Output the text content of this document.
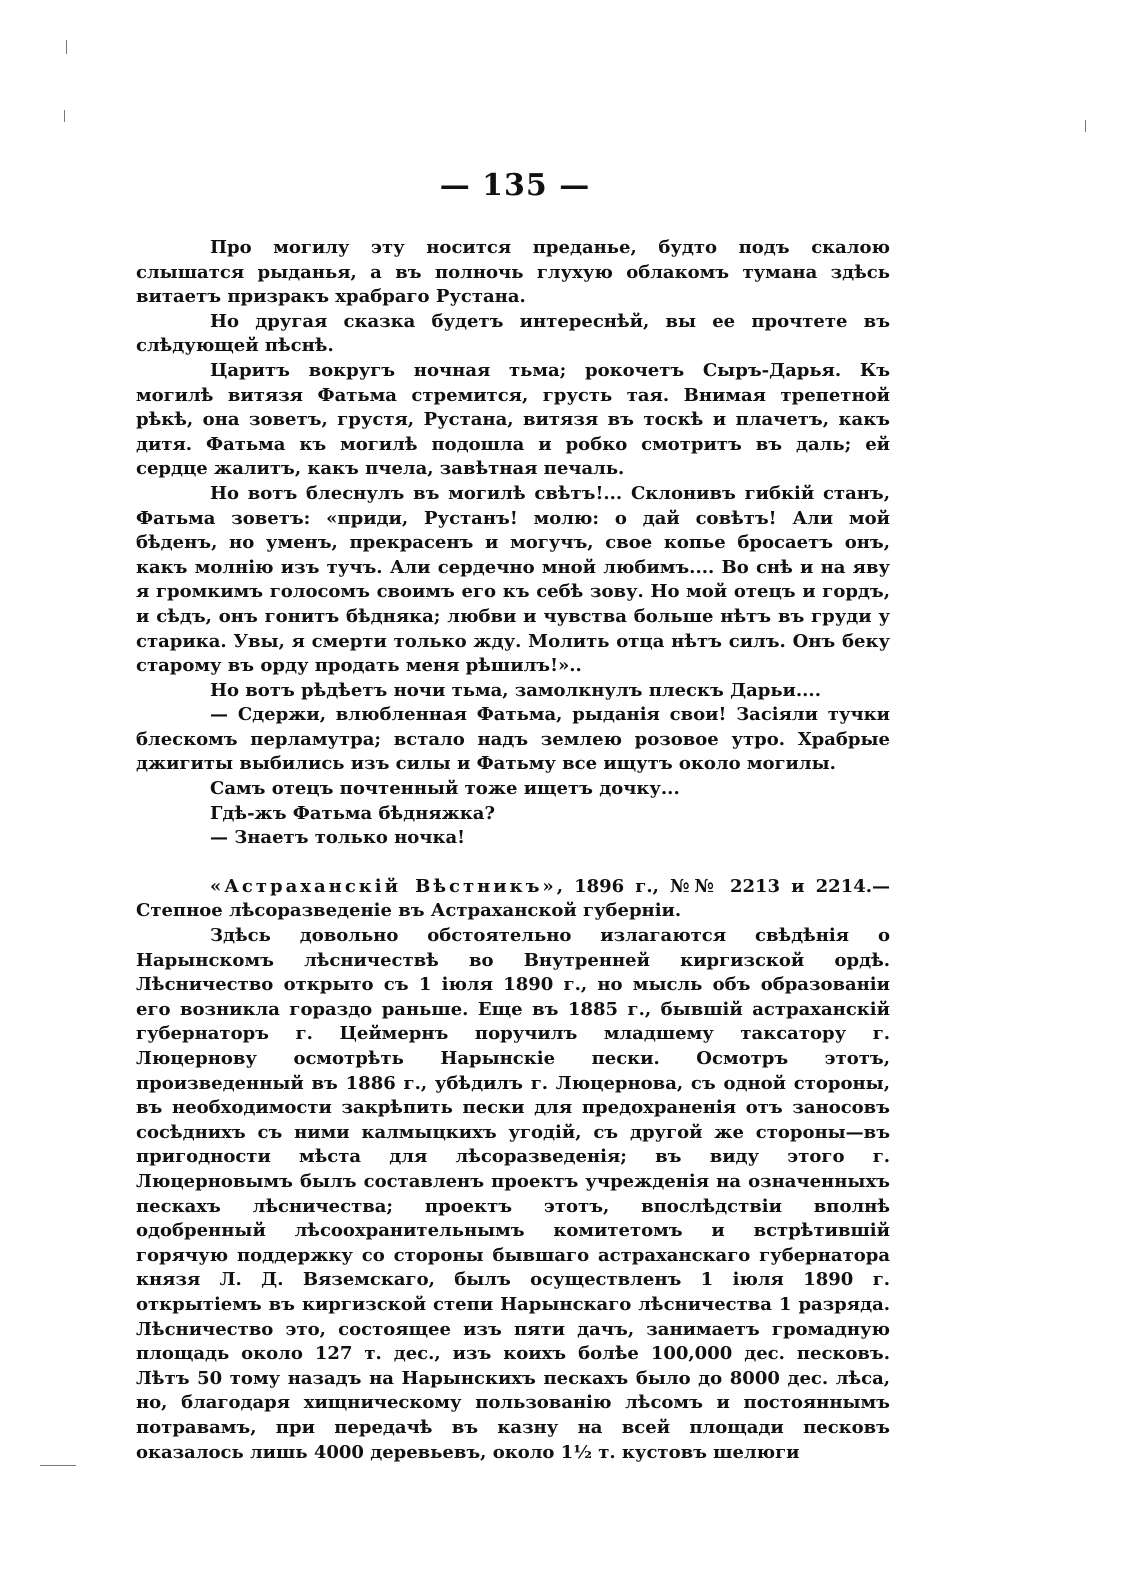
— 135 —

Про могилу эту носится преданье, будто подъ скалою слышатся рыданья, а въ полночь глухую облакомъ тумана здѣсь витаетъ призракъ храбраго Рустана.

Но другая сказка будетъ интереснѣй, вы ее прочтете въ слѣдующей пѣснѣ.

Царитъ вокругъ ночная тьма; рокочетъ Сыръ-Дарья. Къ могилѣ витязя Фатьма стремится, грусть тая. Внимая трепетной рѣкѣ, она зоветъ, грустя, Рустана, витязя въ тоскѣ и плачетъ, какъ дитя. Фатьма къ могилѣ подошла и робко смотритъ въ даль; ей сердце жалитъ, какъ пчела, завѣтная печаль.

Но вотъ блеснулъ въ могилѣ свѣтъ!... Склонивъ гибкій станъ, Фатьма зоветъ: «приди, Рустанъ! молю: о дай совѣтъ! Али мой бѣденъ, но уменъ, прекрасенъ и могучъ, свое копье бросаетъ онъ, какъ молнію изъ тучъ. Али сердечно мной любимъ.... Во снѣ и на яву я громкимъ голосомъ своимъ его къ себѣ зову. Но мой отецъ и гордъ, и сѣдъ, онъ гонитъ бѣдняка; любви и чувства больше нѣтъ въ груди у старика. Увы, я смерти только жду. Молить отца нѣтъ силъ. Онъ беку старому въ орду продать меня рѣшилъ!»..

Но вотъ рѣдѣетъ ночи тьма, замолкнулъ плескъ Дарьи....

— Сдержи, влюбленная Фатьма, рыданія свои! Засіяли тучки блескомъ перламутра; встало надъ землею розовое утро. Храбрые джигиты выбились изъ силы и Фатьму все ищутъ около могилы.

Самъ отецъ почтенный тоже ищетъ дочку...

Гдѣ-жъ Фатьма бѣдняжка?

— Знаетъ только ночка!

«Астраханскій Вѣстникъ», 1896 г., №№ 2213 и 2214.—Степное лѣсоразведеніе въ Астраханской губерніи.

Здѣсь довольно обстоятельно излагаются свѣдѣнія о Нарынскомъ лѣсничествѣ во Внутренней киргизской ордѣ. Лѣсничество открыто съ 1 іюля 1890 г., но мысль объ образованіи его возникла гораздо раньше. Еще въ 1885 г., бывшій астраханскій губернаторъ г. Цеймернъ поручилъ младшему таксатору г. Люцернову осмотрѣть Нарынскіе пески. Осмотръ этотъ, произведенный въ 1886 г., убѣдилъ г. Люцернова, съ одной стороны, въ необходимости закрѣпить пески для предохраненія отъ заносовъ сосѣднихъ съ ними калмыцкихъ угодій, съ другой же стороны—въ пригодности мѣста для лѣсоразведенія; въ виду этого г. Люцерновымъ былъ составленъ проектъ учрежденія на означенныхъ пескахъ лѣсничества; проектъ этотъ, впослѣдствіи вполнѣ одобренный лѣсоохранительнымъ комитетомъ и встрѣтившій горячую поддержку со стороны бывшаго астраханскаго губернатора князя Л. Д. Вяземскаго, былъ осуществленъ 1 іюля 1890 г. открытіемъ въ киргизской степи Нарынскаго лѣсничества 1 разряда. Лѣсничество это, состоящее изъ пяти дачъ, занимаетъ громадную площадь около 127 т. дес., изъ коихъ болѣе 100,000 дес. песковъ. Лѣтъ 50 тому назадъ на Нарынскихъ пескахъ было до 8000 дес. лѣса, но, благодаря хищническому пользованію лѣсомъ и постояннымъ потравамъ, при передачѣ въ казну на всей площади песковъ оказалось лишь 4000 деревьевъ, около 1½ т. кустовъ шелюги
